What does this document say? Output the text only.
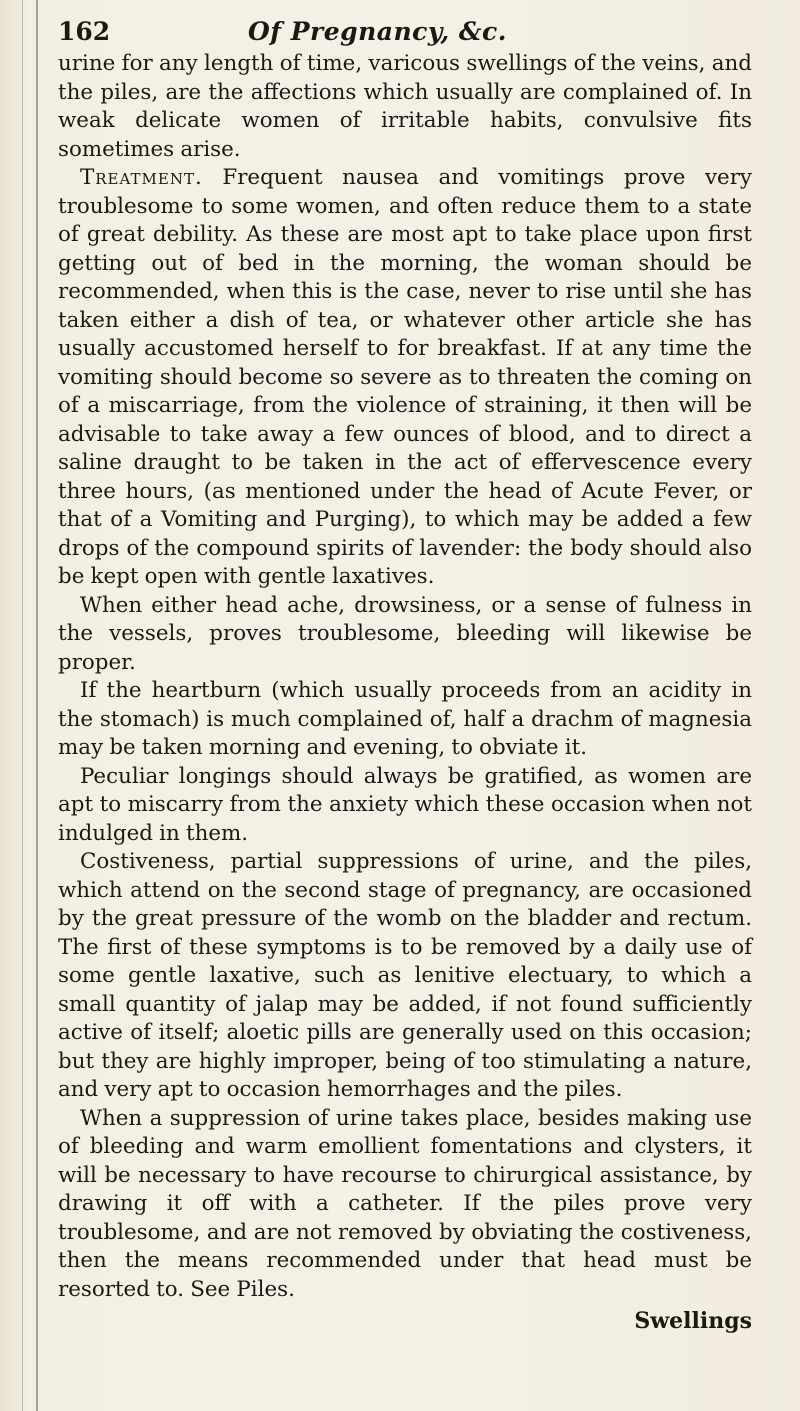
162	Of Pregnancy, &c.

urine for any length of time, varicous swellings of the veins, and the piles, are the affections which usually are complained of. In weak delicate women of irritable habits, convulsive fits sometimes arise.

Treatment. Frequent nausea and vomitings prove very troublesome to some women, and often reduce them to a state of great debility. As these are most apt to take place upon first getting out of bed in the morning, the woman should be recommended, when this is the case, never to rise until she has taken either a dish of tea, or whatever other article she has usually accustomed herself to for breakfast. If at any time the vomiting should become so severe as to threaten the coming on of a miscarriage, from the violence of straining, it then will be advisable to take away a few ounces of blood, and to direct a saline draught to be taken in the act of effervescence every three hours, (as mentioned under the head of Acute Fever, or that of a Vomiting and Purging), to which may be added a few drops of the compound spirits of lavender: the body should also be kept open with gentle laxatives.

When either head ache, drowsiness, or a sense of fulness in the vessels, proves troublesome, bleeding will likewise be proper.

If the heartburn (which usually proceeds from an acidity in the stomach) is much complained of, half a drachm of magnesia may be taken morning and evening, to obviate it.

Peculiar longings should always be gratified, as women are apt to miscarry from the anxiety which these occasion when not indulged in them.

Costiveness, partial suppressions of urine, and the piles, which attend on the second stage of pregnancy, are occasioned by the great pressure of the womb on the bladder and rectum. The first of these symptoms is to be removed by a daily use of some gentle laxative, such as lenitive electuary, to which a small quantity of jalap may be added, if not found sufficiently active of itself; aloetic pills are generally used on this occasion; but they are highly improper, being of too stimulating a nature, and very apt to occasion hemorrhages and the piles.

When a suppression of urine takes place, besides making use of bleeding and warm emollient fomentations and clysters, it will be necessary to have recourse to chirurgical assistance, by drawing it off with a catheter. If the piles prove very troublesome, and are not removed by obviating the costiveness, then the means recommended under that head must be resorted to. See Piles.

Swellings
